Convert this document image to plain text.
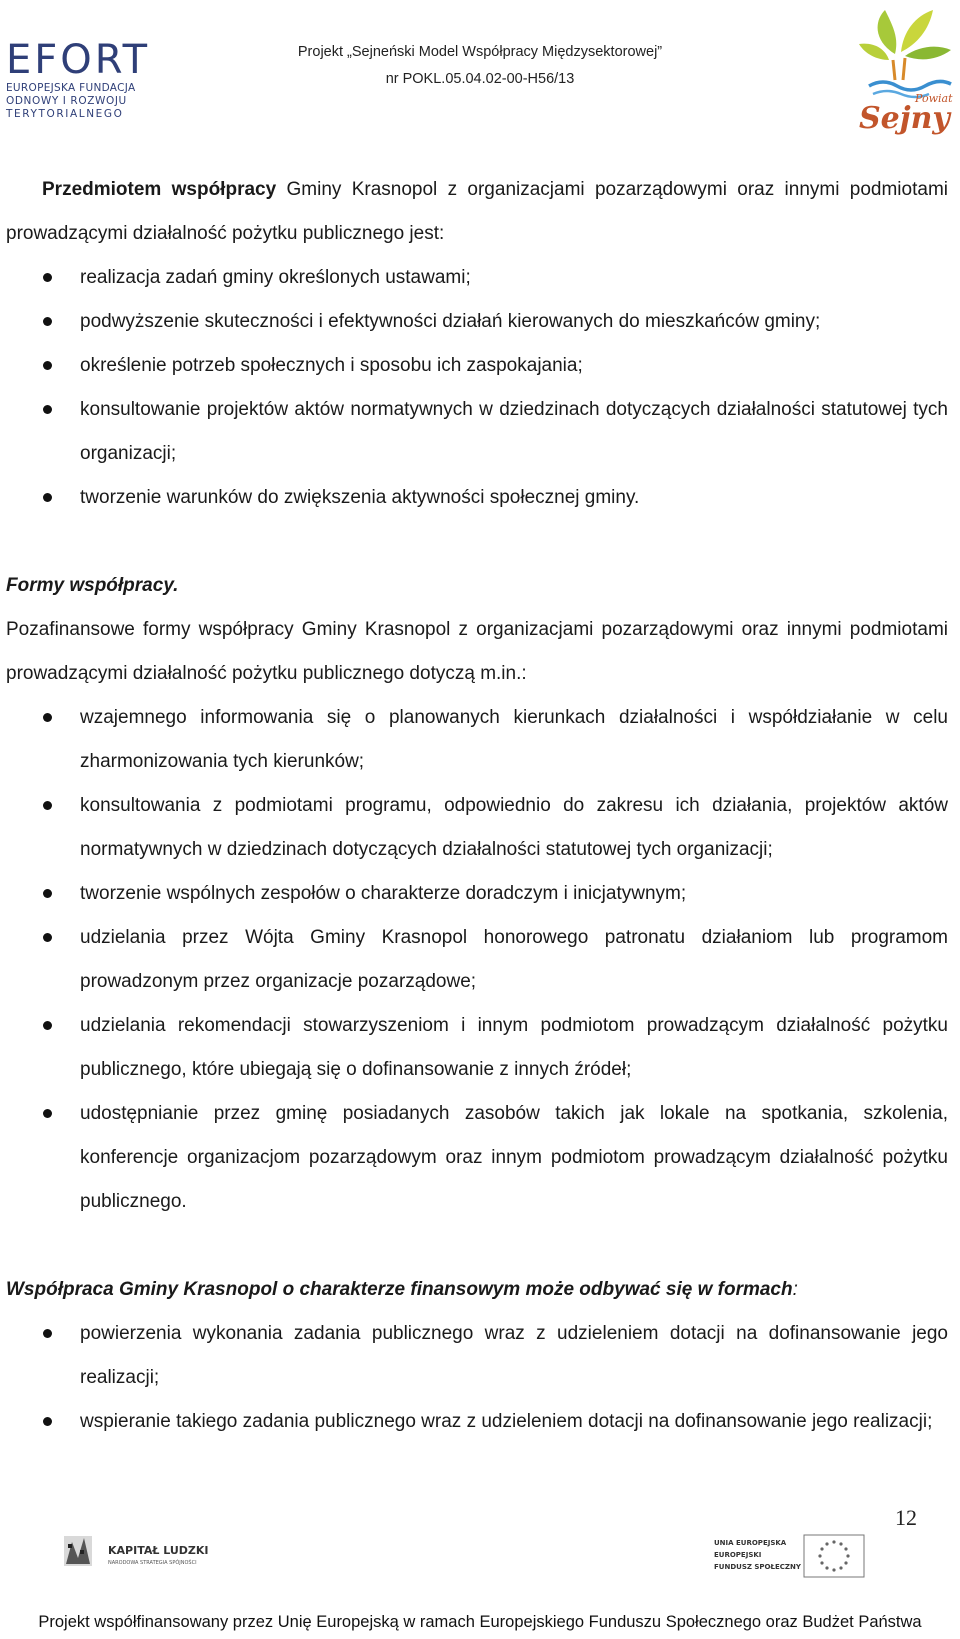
EFORT
EUROPEJSKA FUNDACJA
ODNOWY I ROZWOJU
TERYTORIALNEGO
Projekt „Sejneński Model Współpracy Międzysektorowej”
nr POKL.05.04.02-00-H56/13
Powiat
Sejny

Przedmiotem współpracy Gminy Krasnopol z organizacjami pozarządowymi oraz innymi podmiotami prowadzącymi działalność pożytku publicznego jest:

realizacja zadań gminy określonych ustawami;
podwyższenie skuteczności i efektywności działań kierowanych do mieszkańców gminy;
określenie potrzeb społecznych i sposobu ich zaspokajania;
konsultowanie projektów aktów normatywnych w dziedzinach dotyczących działalności statutowej tych organizacji;
tworzenie warunków do zwiększenia aktywności społecznej gminy.

Formy współpracy.

Pozafinansowe formy współpracy Gminy Krasnopol z organizacjami pozarządowymi oraz innymi podmiotami prowadzącymi działalność pożytku publicznego dotyczą m.in.:

wzajemnego informowania się o planowanych kierunkach działalności i współdziałanie w celu zharmonizowania tych kierunków;
konsultowania z podmiotami programu, odpowiednio do zakresu ich działania, projektów aktów normatywnych w dziedzinach dotyczących działalności statutowej tych organizacji;
tworzenie wspólnych zespołów o charakterze doradczym i inicjatywnym;
udzielania przez Wójta Gminy Krasnopol honorowego patronatu działaniom lub programom prowadzonym przez organizacje pozarządowe;
udzielania rekomendacji stowarzyszeniom i innym podmiotom prowadzącym działalność pożytku publicznego, które ubiegają się o dofinansowanie z innych źródeł;
udostępnianie przez gminę posiadanych zasobów takich jak lokale na spotkania, szkolenia, konferencje organizacjom pozarządowym oraz innym podmiotom prowadzącym działalność pożytku publicznego.

Współpraca Gminy Krasnopol o charakterze finansowym może odbywać się w formach:

powierzenia wykonania zadania publicznego wraz z udzieleniem dotacji na dofinansowanie jego realizacji;
wspieranie takiego zadania publicznego wraz z udzieleniem dotacji na dofinansowanie jego realizacji;
12
KAPITAŁ LUDZKI
NARODOWA STRATEGIA SPÓJNOŚCI
UNIA EUROPEJSKA
EUROPEJSKI
FUNDUSZ SPOŁECZNY
Projekt współfinansowany przez Unię Europejską w ramach Europejskiego Funduszu Społecznego oraz Budżet Państwa
